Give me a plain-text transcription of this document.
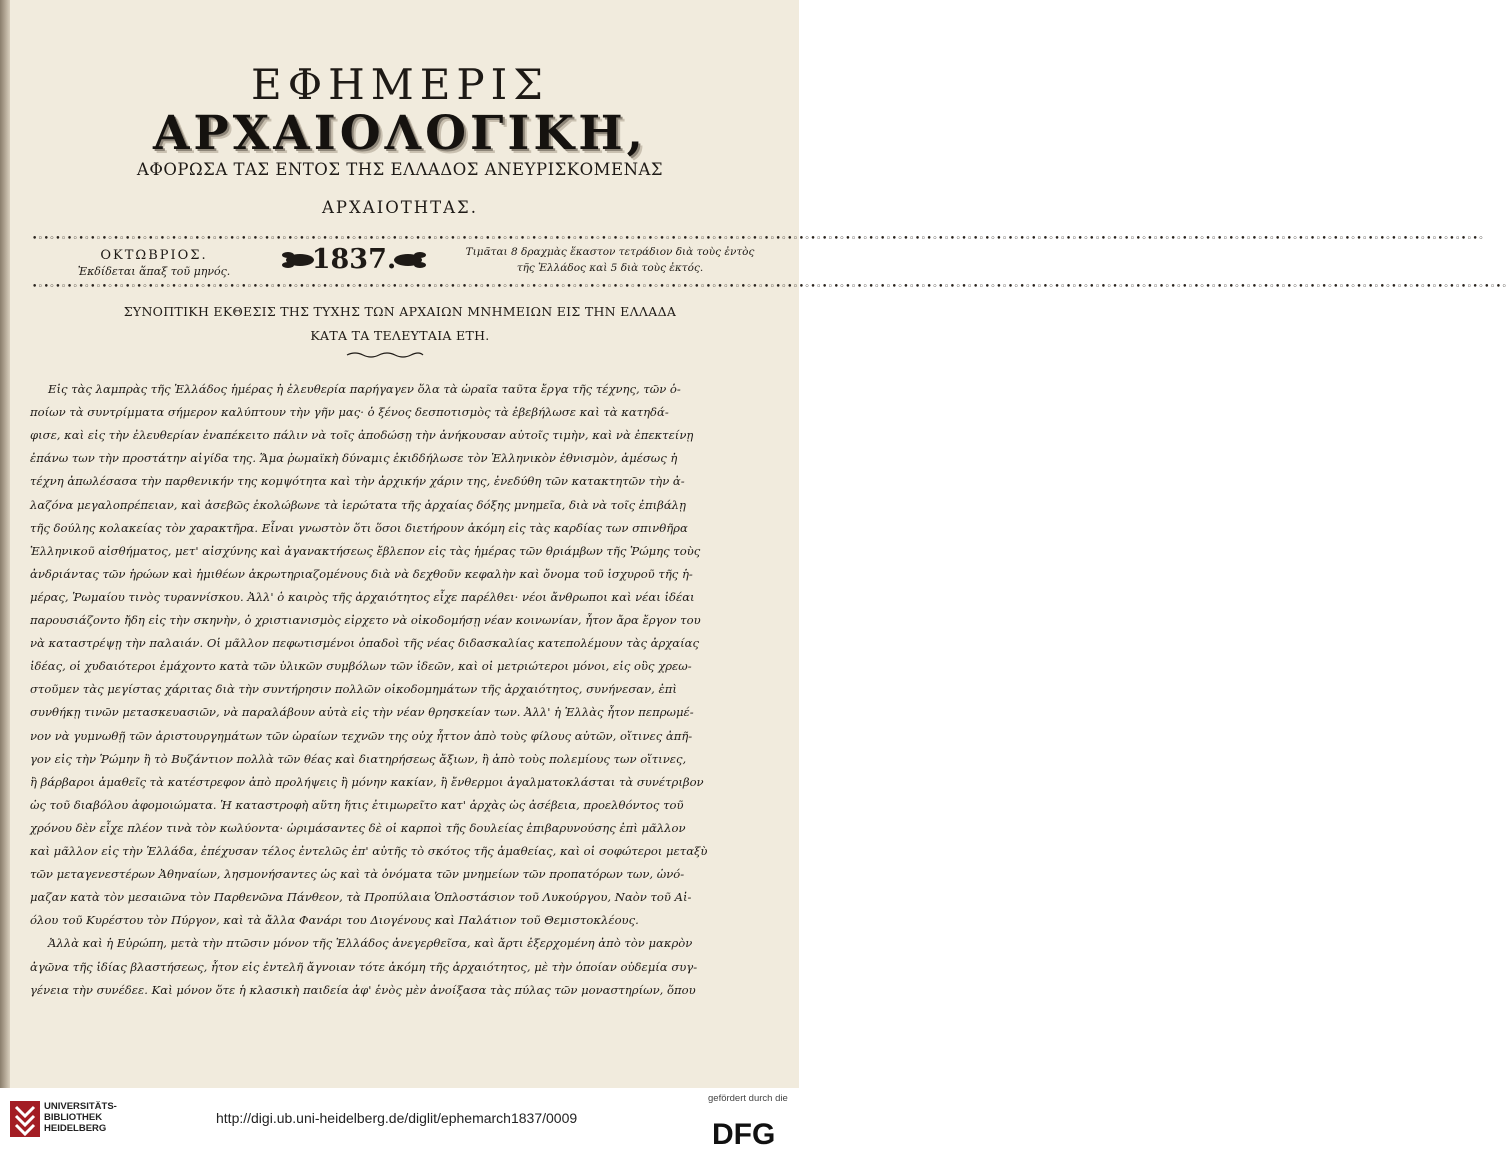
ΕΦΗΜΕΡΙΣ
ΑΡΧΑΙΟΛΟΓΙΚΗ,
ΑΦΟΡΩΣΑ ΤΑΣ ΕΝΤΟΣ ΤΗΣ ΕΛΛΑΔΟΣ ΑΝΕΥΡΙΣΚΟΜΕΝΑΣ
ΑΡΧΑΙΟΤΗΤΑΣ.
•◦•◦•◦•◦•◦•◦•◦•◦•◦•◦•◦•◦•◦•◦•◦•◦•◦•◦•◦•◦•◦•◦•◦•◦•◦•◦•◦•◦•◦•◦•◦•◦•◦•◦•◦•◦•◦•◦•◦•◦•◦•◦•◦•◦•◦•◦•◦•◦•◦•◦•◦•◦•◦•◦•◦•◦•◦•◦•◦•◦•◦•◦•◦•◦•◦•◦•◦•◦•◦•◦•◦•◦•◦•◦•◦•◦•◦•◦•◦•◦•◦•◦•◦•◦•◦•◦•◦•◦•◦•◦•◦•◦•◦•◦•◦•◦•◦•◦•◦•◦•◦•◦•◦•◦•◦•◦•◦•◦•◦•◦•◦•◦•◦•◦•◦•◦•◦•◦•◦•◦•◦•◦•◦•◦•◦
ΟΚΤΩΒΡΙΟΣ.
Ἐκδίδεται ἅπαξ τοῦ μηνός.	1837.	Τιμᾶται 8 δραχμὰς ἕκαστον τετράδιον διὰ τοὺς ἐντὸς
τῆς Ἑλλάδος καὶ 5 διὰ τοὺς ἐκτός.
•◦•◦•◦•◦•◦•◦•◦•◦•◦•◦•◦•◦•◦•◦•◦•◦•◦•◦•◦•◦•◦•◦•◦•◦•◦•◦•◦•◦•◦•◦•◦•◦•◦•◦•◦•◦•◦•◦•◦•◦•◦•◦•◦•◦•◦•◦•◦•◦•◦•◦•◦•◦•◦•◦•◦•◦•◦•◦•◦•◦•◦•◦•◦•◦•◦•◦•◦•◦•◦•◦•◦•◦•◦•◦•◦•◦•◦•◦•◦•◦•◦•◦•◦•◦•◦•◦•◦•◦•◦•◦•◦•◦•◦•◦•◦•◦•◦•◦•◦•◦•◦•◦•◦•◦•◦•◦•◦•◦•◦•◦•◦•◦•◦•◦•◦•◦•◦•◦•◦•◦•◦•◦•◦•◦•◦•◦•◦
ΣΥΝΟΠΤΙΚΗ ΕΚΘΕΣΙΣ ΤΗΣ ΤΥΧΗΣ ΤΩΝ ΑΡΧΑΙΩΝ ΜΝΗΜΕΙΩΝ ΕΙΣ ΤΗΝ ΕΛΛΑΔΑ
ΚΑΤΑ ΤΑ ΤΕΛΕΥΤΑΙΑ ΕΤΗ.
Εἰς τὰς λαμπρὰς τῆς Ἑλλάδος ἡμέρας ἡ ἐλευθερία παρήγαγεν ὅλα τὰ ὡραῖα ταῦτα ἔργα τῆς τέχνης, τῶν ὁ-
ποίων τὰ συντρίμματα σήμερον καλύπτουν τὴν γῆν μας· ὁ ξένος δεσποτισμὸς τὰ ἐβεβήλωσε καὶ τὰ κατηδά-
φισε, καὶ εἰς τὴν ἐλευθερίαν ἐναπέκειτο πάλιν νὰ τοῖς ἀποδώσῃ τὴν ἀνήκουσαν αὐτοῖς τιμὴν, καὶ νὰ ἐπεκτείνῃ
ἐπάνω των τὴν προστάτην αἰγίδα της. Ἅμα ῥωμαϊκὴ δύναμις ἐκιδδήλωσε τὸν Ἑλληνικὸν ἐθνισμὸν, ἀμέσως ἡ
τέχνη ἀπωλέσασα τὴν παρθενικήν της κομψότητα καὶ τὴν ἀρχικήν χάριν της, ἐνεδύθη τῶν κατακτητῶν τὴν ἀ-
λαζόνα μεγαλοπρέπειαν, καὶ ἀσεβῶς ἐκολώβωνε τὰ ἱερώτατα τῆς ἀρχαίας δόξης μνημεῖα, διὰ νὰ τοῖς ἐπιβάλῃ
τῆς δούλης κολακείας τὸν χαρακτῆρα. Εἶναι γνωστὸν ὅτι ὅσοι διετήρουν ἀκόμη εἰς τὰς καρδίας των σπινθῆρα
Ἑλληνικοῦ αἰσθήματος, μετ' αἰσχύνης καὶ ἀγανακτήσεως ἔβλεπον εἰς τὰς ἡμέρας τῶν θριάμβων τῆς Ῥώμης τοὺς
ἀνδριάντας τῶν ἡρώων καὶ ἡμιθέων ἀκρωτηριαζομένους διὰ νὰ δεχθοῦν κεφαλὴν καὶ ὄνομα τοῦ ἰσχυροῦ τῆς ἡ-
μέρας, Ῥωμαίου τινὸς τυραννίσκου. Ἀλλ' ὁ καιρὸς τῆς ἀρχαιότητος εἶχε παρέλθει· νέοι ἄνθρωποι καὶ νέαι ἰδέαι
παρουσιάζοντο ἤδη εἰς τὴν σκηνὴν, ὁ χριστιανισμὸς εἰρχετο νὰ οἰκοδομήσῃ νέαν κοινωνίαν, ἦτον ἄρα ἔργον του
νὰ καταστρέψῃ τὴν παλαιάν. Οἱ μᾶλλον πεφωτισμένοι ὀπαδοὶ τῆς νέας διδασκαλίας κατεπολέμουν τὰς ἀρχαίας
ἰδέας, οἱ χυδαιότεροι ἐμάχοντο κατὰ τῶν ὑλικῶν συμβόλων τῶν ἰδεῶν, καὶ οἱ μετριώτεροι μόνοι, εἰς οὓς χρεω-
στοῦμεν τὰς μεγίστας χάριτας διὰ τὴν συντήρησιν πολλῶν οἰκοδομημάτων τῆς ἀρχαιότητος, συνήνεσαν, ἐπὶ
συνθήκῃ τινῶν μετασκευασιῶν, νὰ παραλάβουν αὐτὰ εἰς τὴν νέαν θρησκείαν των. Ἀλλ' ἡ Ἑλλὰς ἦτον πεπρωμέ-
νον νὰ γυμνωθῇ τῶν ἀριστουργημάτων τῶν ὡραίων τεχνῶν της οὐχ ἧττον ἀπὸ τοὺς φίλους αὐτῶν, οἵτινες ἀπῆ-
γον εἰς τὴν Ῥώμην ἢ τὸ Βυζάντιον πολλὰ τῶν θέας καὶ διατηρήσεως ἄξιων, ἢ ἀπὸ τοὺς πολεμίους των οἵτινες,
ἢ βάρβαροι ἀμαθεῖς τὰ κατέστρεφον ἀπὸ προλήψεις ἢ μόνην κακίαν, ἢ ἔνθερμοι ἀγαλματοκλάσται τὰ συνέτριβον
ὡς τοῦ διαβόλου ἀφομοιώματα. Ἡ καταστροφὴ αὕτη ἥτις ἐτιμωρεῖτο κατ' ἀρχὰς ὡς ἀσέβεια, προελθόντος τοῦ
χρόνου δὲν εἶχε πλέον τινὰ τὸν κωλύοντα· ὡριμάσαντες δὲ οἱ καρποὶ τῆς δουλείας ἐπιβαρυνούσης ἐπὶ μᾶλλον
καὶ μᾶλλον εἰς τὴν Ἑλλάδα, ἐπέχυσαν τέλος ἐντελῶς ἐπ' αὐτῆς τὸ σκότος τῆς ἀμαθείας, καὶ οἱ σοφώτεροι μεταξὺ
τῶν μεταγενεστέρων Ἀθηναίων, λησμονήσαντες ὡς καὶ τὰ ὀνόματα τῶν μνημείων τῶν προπατόρων των, ὠνό-
μαζαν κατὰ τὸν μεσαιῶνα τὸν Παρθενῶνα Πάνθεον, τὰ Προπύλαια Ὁπλοστάσιον τοῦ Λυκούργου, Ναὸν τοῦ Αἰ-
όλου τοῦ Κυρέστου τὸν Πύργον, καὶ τὰ ἄλλα Φανάρι του Διογένους καὶ Παλάτιον τοῦ Θεμιστοκλέους.
Ἀλλὰ καὶ ἡ Εὐρώπη, μετὰ τὴν πτῶσιν μόνον τῆς Ἑλλάδος ἀνεγερθεῖσα, καὶ ἄρτι ἐξερχομένη ἀπὸ τὸν μακρὸν
ἀγῶνα τῆς ἰδίας βλαστήσεως, ἦτον εἰς ἐντελῆ ἄγνοιαν τότε ἀκόμη τῆς ἀρχαιότητος, μὲ τὴν ὁποίαν οὐδεμία συγ-
γένεια τὴν συνέδεε. Καὶ μόνον ὅτε ἡ κλασικὴ παιδεία ἀφ' ἑνὸς μὲν ἀνοίξασα τὰς πύλας τῶν μοναστηρίων, ὅπου
UNIVERSITÄTS-
BIBLIOTHEK
HEIDELBERG
http://digi.ub.uni-heidelberg.de/diglit/ephemarch1837/0009
gefördert durch die
DFG
